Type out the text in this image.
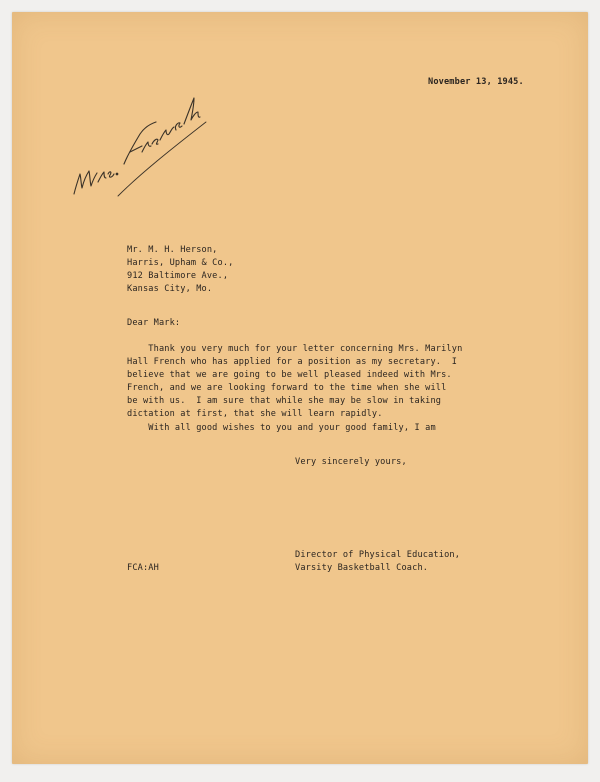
November 13, 1945.
Mr. M. H. Herson,
Harris, Upham & Co.,
912 Baltimore Ave.,
Kansas City, Mo.
Dear Mark:
Thank you very much for your letter concerning Mrs. Marilyn
Hall French who has applied for a position as my secretary.  I
believe that we are going to be well pleased indeed with Mrs.
French, and we are looking forward to the time when she will
be with us.  I am sure that while she may be slow in taking
dictation at first, that she will learn rapidly.
With all good wishes to you and your good family, I am
Very sincerely yours,
Director of Physical Education,
Varsity Basketball Coach.
FCA:AH
